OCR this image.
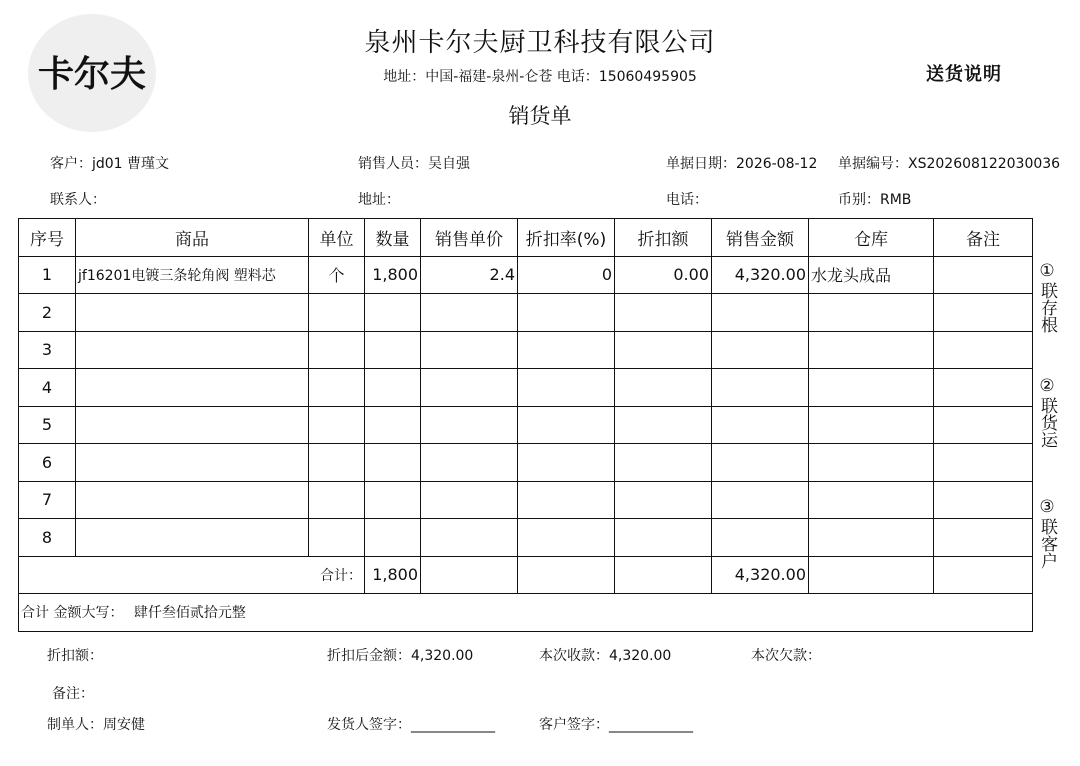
卡尔夫
泉州卡尔夫厨卫科技有限公司
地址：中国-福建-泉州-仑苍 电话：15060495905
销货单
送货说明
客户：jd01 曹瑾文	销售人员：吴自强	单据日期：2026-08-12 单据编号：XS202608122030036
联系人：	地址：	电话：	币别：RMB
序号	商品	单位	数量	销售单价	折扣率(%)	折扣额	销售金额	仓库	备注
1	jf16201电镀三条轮角阀 塑料芯	个	1,800	2.4	0	0.00	4,320.00	水龙头成品	
2									
3									
4									
5									
6									
7									
8									
合计：			1,800				4,320.00		
合计 金额大写： 肆仟叁佰贰拾元整									
①
联存根
②
联货运
③
联客户
折扣额：	折扣后金额：4,320.00	本次收款：4,320.00	本次欠款：
备注：
制单人：周安健	发货人签字：____________	客户签字：____________
